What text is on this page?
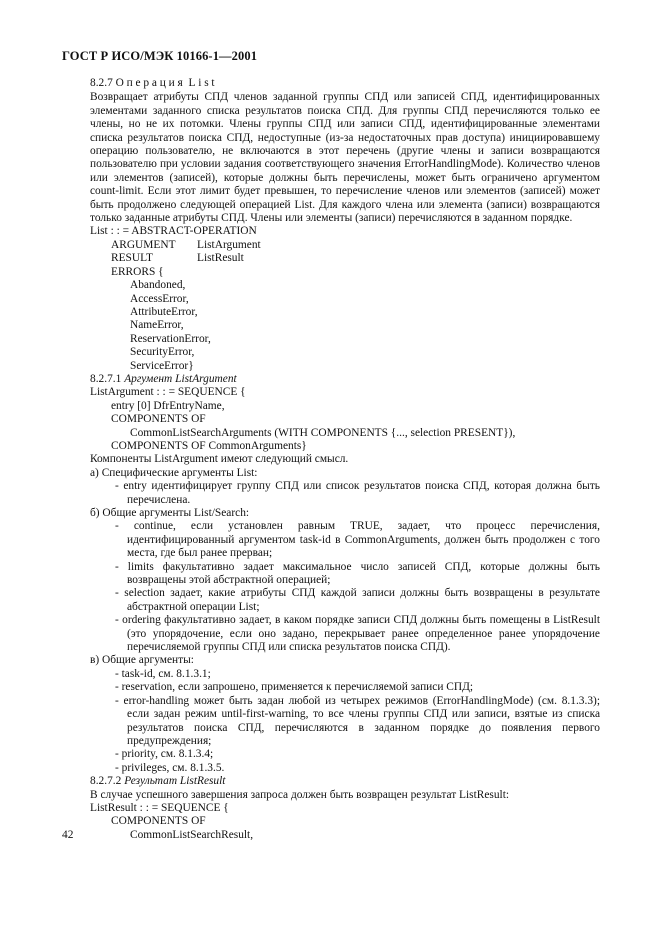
ГОСТ Р ИСО/МЭК 10166-1—2001

8.2.7 Операция List

Возвращает атрибуты СПД членов заданной группы СПД или записей СПД, идентифицированных элементами заданного списка результатов поиска СПД. Для группы СПД перечисляются только ее члены, но не их потомки. Члены группы СПД или записи СПД, идентифицированные элементами списка результатов поиска СПД, недоступные (из-за недостаточных прав доступа) инициировавшему операцию пользователю, не включаются в этот перечень (другие члены и записи возвращаются пользователю при условии задания соответствующего значения ErrorHandlingMode). Количество членов или элементов (записей), которые должны быть перечислены, может быть ограничено аргументом count-limit. Если этот лимит будет превышен, то перечисление членов или элементов (записей) может быть продолжено следующей операцией List. Для каждого члена или элемента (записи) возвращаются только заданные атрибуты СПД. Члены или элементы (записи) перечисляются в заданном порядке.

List : : = ABSTRACT-OPERATION

ARGUMENT ListArgument

RESULT	ListResult

ERRORS {

Abandoned,

AccessError,

AttributeError,

NameError,

ReservationError,

SecurityError,

ServiceError}

8.2.7.1 Аргумент ListArgument

ListArgument : : = SEQUENCE {

entry [0] DfrEntryName,

COMPONENTS OF

CommonListSearchArguments (WITH COMPONENTS {..., selection PRESENT}),

COMPONENTS OF CommonArguments}

Компоненты ListArgument имеют следующий смысл.

а) Специфические аргументы List:

- entry идентифицирует группу СПД или список результатов поиска СПД, которая должна быть перечислена.

б) Общие аргументы List/Search:

- continue, если установлен равным TRUE, задает, что процесс перечисления, идентифицированный аргументом task-id в CommonArguments, должен быть продолжен с того места, где был ранее прерван;

- limits факультативно задает максимальное число записей СПД, которые должны быть возвращены этой абстрактной операцией;

- selection задает, какие атрибуты СПД каждой записи должны быть возвращены в результате абстрактной операции List;

- ordering факультативно задает, в каком порядке записи СПД должны быть помещены в ListResult (это упорядочение, если оно задано, перекрывает ранее определенное ранее упорядочение перечисляемой группы СПД или списка результатов поиска СПД).

в) Общие аргументы:

- task-id, см. 8.1.3.1;

- reservation, если запрошено, применяется к перечисляемой записи СПД;

- error-handling может быть задан любой из четырех режимов (ErrorHandlingMode) (см. 8.1.3.3); если задан режим until-first-warning, то все члены группы СПД или записи, взятые из списка результатов поиска СПД, перечисляются в заданном порядке до появления первого предупреждения;

- priority, см. 8.1.3.4;

- privileges, см. 8.1.3.5.

8.2.7.2 Результат ListResult

В случае успешного завершения запроса должен быть возвращен результат ListResult:

ListResult : : = SEQUENCE {

COMPONENTS OF

CommonListSearchResult,

42
